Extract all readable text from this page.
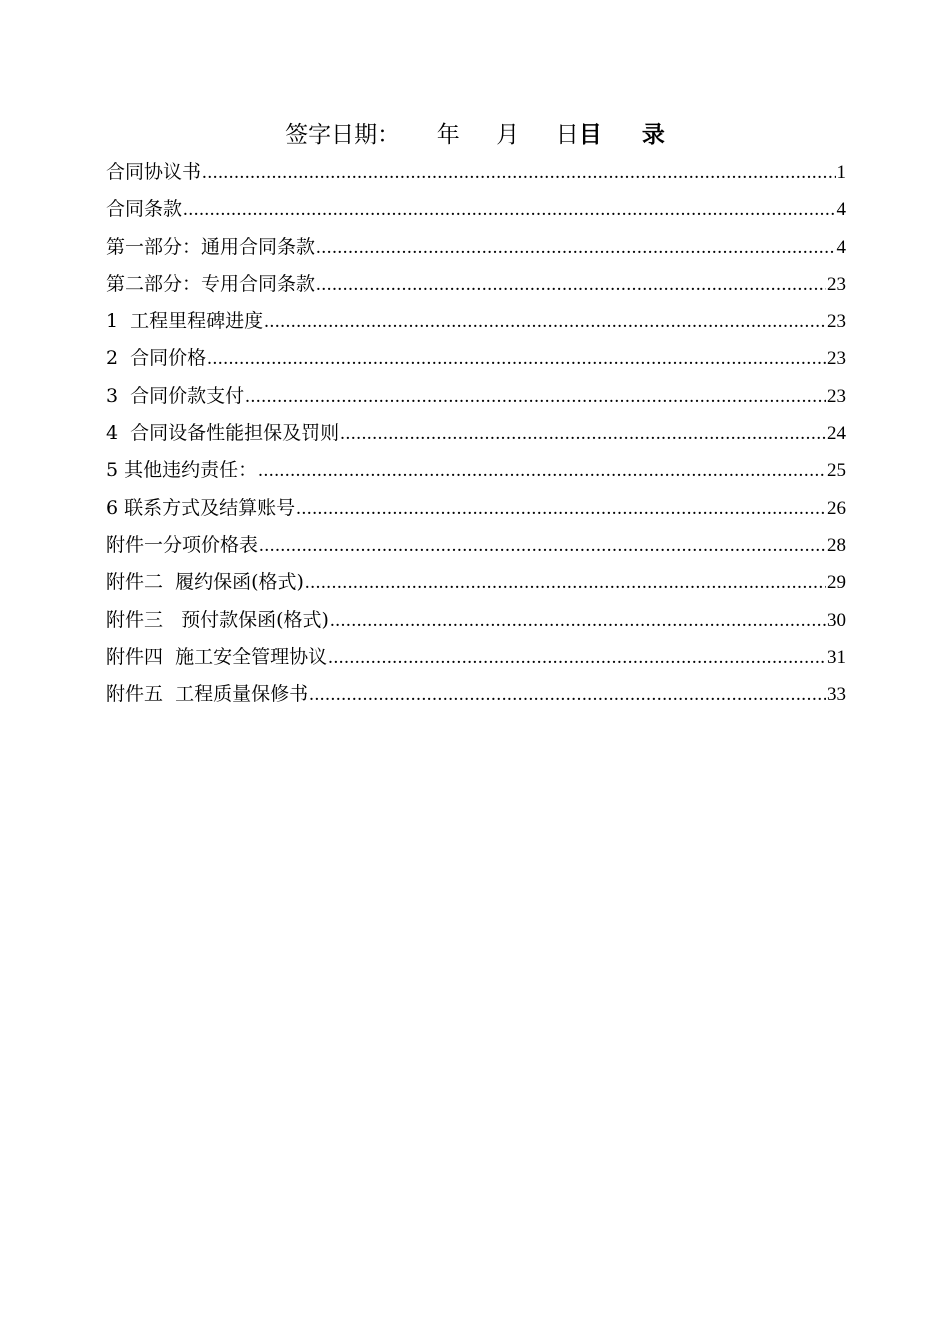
签字日期：     年     月     日目     录
合同协议书 .....	1
合同条款 .....	4
第一部分：通用合同条款 .....	4
第二部分：专用合同条款 .....	23
1  工程里程碑进度 .....	23
2  合同价格 .....	23
3  合同价款支付 .....	23
4  合同设备性能担保及罚则 .....	24
5 其他违约责任： .....	25
6 联系方式及结算账号 .....	26
附件一分项价格表 .....	28
附件二  履约保函(格式) .....	29
附件三   预付款保函(格式) .....	30
附件四  施工安全管理协议 .....	31
附件五  工程质量保修书 .....	33
